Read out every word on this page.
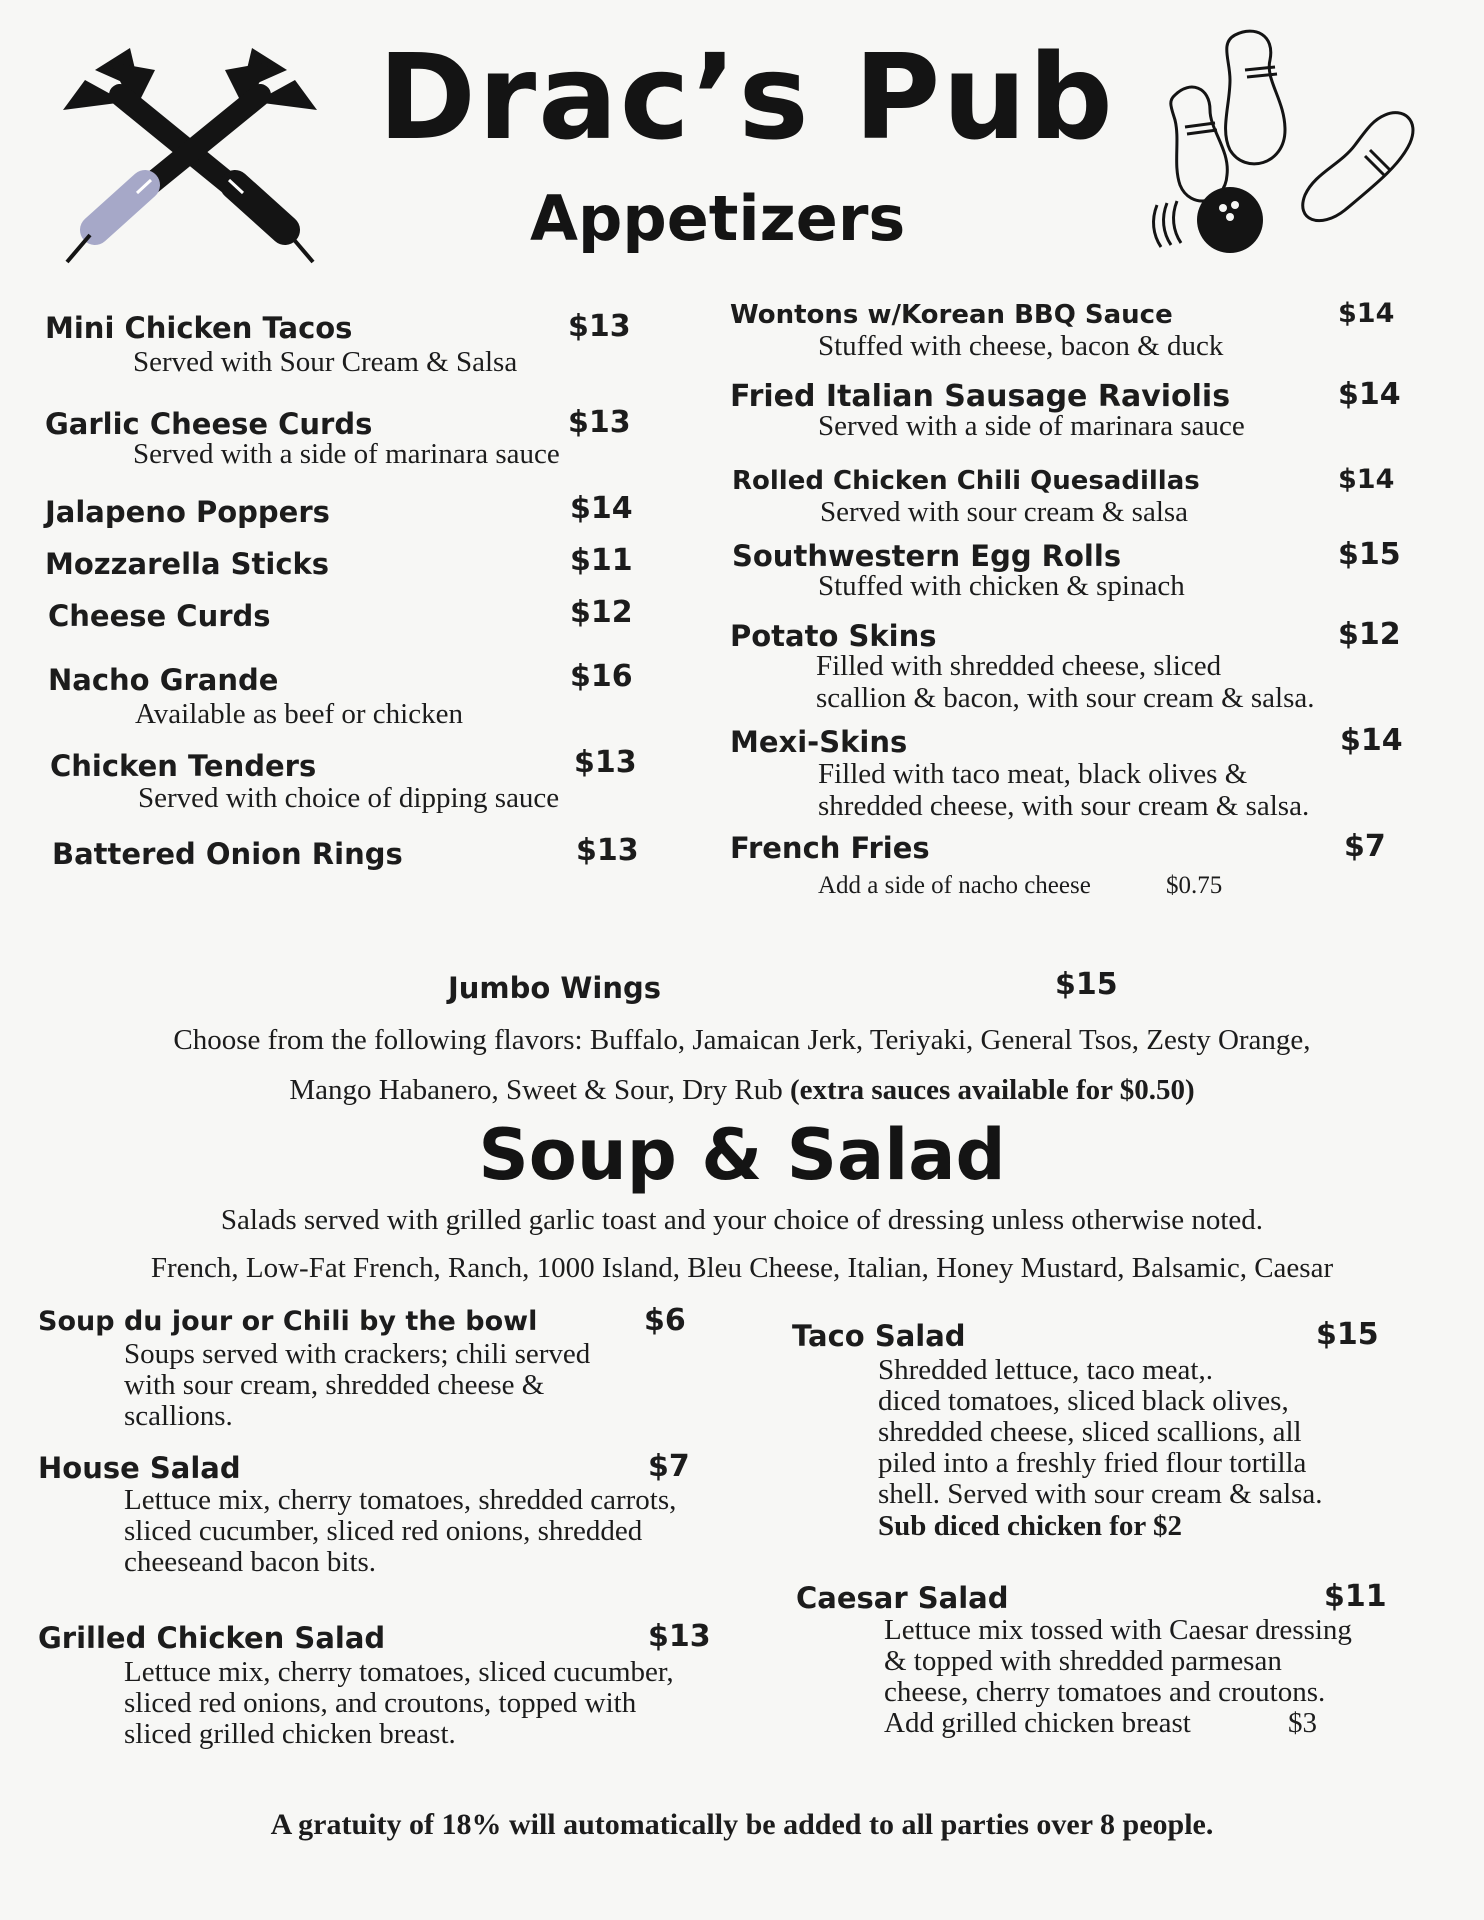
Drac’s Pub
Appetizers
Mini Chicken Tacos	$13
Served with Sour Cream & Salsa
Garlic Cheese Curds	$13
Served with a side of marinara sauce
Jalapeno Poppers	$14
Mozzarella Sticks	$11
Cheese Curds	$12
Nacho Grande	$16
Available as beef or chicken
Chicken Tenders	$13
Served with choice of dipping sauce
Battered Onion Rings	$13
Wontons w/Korean BBQ Sauce	$14
Stuffed with cheese, bacon & duck
Fried Italian Sausage Raviolis	$14
Served with a side of marinara sauce
Rolled Chicken Chili Quesadillas	$14
Served with sour cream & salsa
Southwestern Egg Rolls	$15
Stuffed with chicken & spinach
Potato Skins	$12
Filled with shredded cheese, sliced
scallion & bacon, with sour cream & salsa.
Mexi-Skins	$14
Filled with taco meat, black olives &
shredded cheese, with sour cream & salsa.
French Fries	$7
Add a side of nacho cheese	$0.75
Jumbo Wings	$15
Choose from the following flavors: Buffalo, Jamaican Jerk, Teriyaki, General Tsos, Zesty Orange,
Mango Habanero, Sweet & Sour, Dry Rub (extra sauces available for $0.50)
Soup & Salad
Salads served with grilled garlic toast and your choice of dressing unless otherwise noted.
French, Low-Fat French, Ranch, 1000 Island, Bleu Cheese, Italian, Honey Mustard, Balsamic, Caesar
Soup du jour or Chili by the bowl	$6
Soups served with crackers; chili served
with sour cream, shredded cheese &
scallions.
House Salad	$7
Lettuce mix, cherry tomatoes, shredded carrots,
sliced cucumber, sliced red onions, shredded
cheeseand bacon bits.
Grilled Chicken Salad	$13
Lettuce mix, cherry tomatoes, sliced cucumber,
sliced red onions, and croutons, topped with
sliced grilled chicken breast.
Taco Salad	$15
Shredded lettuce, taco meat,.
diced tomatoes, sliced black olives,
shredded cheese, sliced scallions, all
piled into a freshly fried flour tortilla
shell. Served with sour cream & salsa.
Sub diced chicken for $2
Caesar Salad	$11
Lettuce mix tossed with Caesar dressing
& topped with shredded parmesan
cheese, cherry tomatoes and croutons.
Add grilled chicken breast	$3
A gratuity of 18% will automatically be added to all parties over 8 people.
